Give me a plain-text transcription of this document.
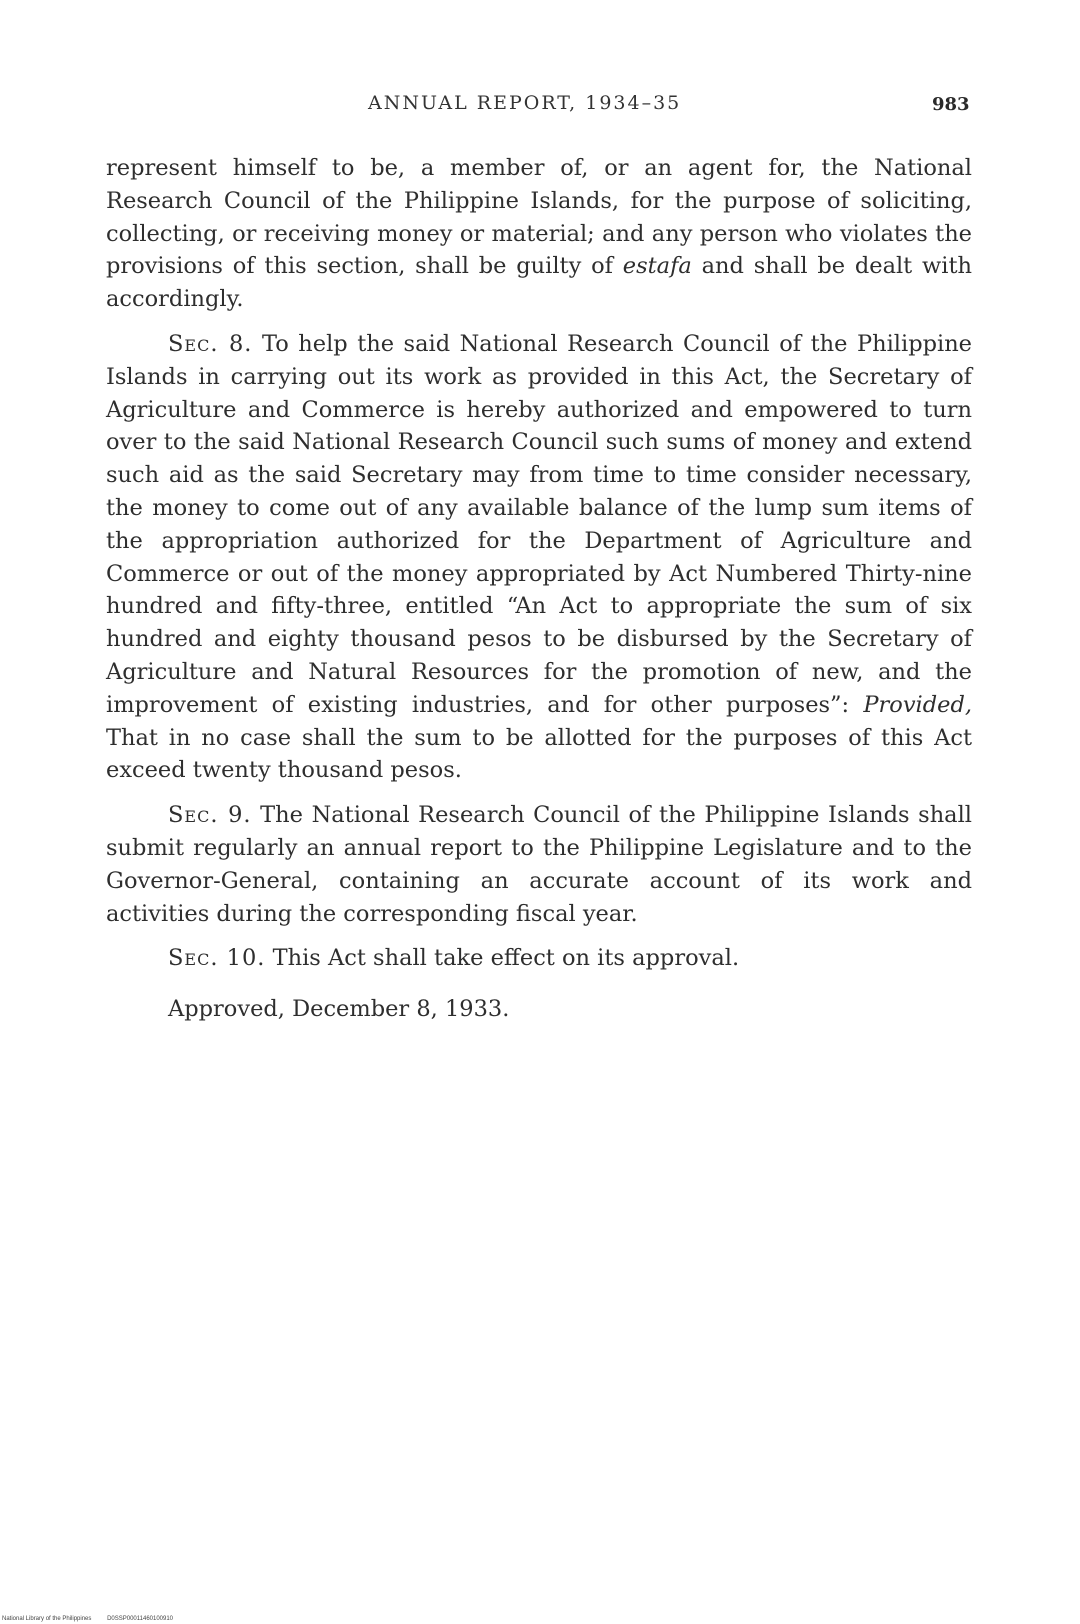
ANNUAL REPORT, 1934–35	983

represent himself to be, a member of, or an agent for, the National Research Council of the Philippine Islands, for the purpose of soliciting, collecting, or receiving money or material; and any person who violates the provisions of this section, shall be guilty of estafa and shall be dealt with accordingly.

Sec. 8. To help the said National Research Council of the Philippine Islands in carrying out its work as provided in this Act, the Secretary of Agriculture and Commerce is hereby authorized and empowered to turn over to the said National Research Council such sums of money and extend such aid as the said Secretary may from time to time consider necessary, the money to come out of any available balance of the lump sum items of the appropriation authorized for the Department of Agriculture and Commerce or out of the money appropriated by Act Numbered Thirty-nine hundred and fifty-three, entitled “An Act to appropriate the sum of six hundred and eighty thousand pesos to be disbursed by the Secretary of Agriculture and Natural Resources for the promotion of new, and the improvement of existing industries, and for other purposes”: Provided, That in no case shall the sum to be allotted for the purposes of this Act exceed twenty thousand pesos.

Sec. 9. The National Research Council of the Philippine Islands shall submit regularly an annual report to the Philippine Legislature and to the Governor-General, containing an accurate account of its work and activities during the corresponding fiscal year.

Sec. 10. This Act shall take effect on its approval.

Approved, December 8, 1933.

National Library of the Philippines	D0SSP00011460100910
